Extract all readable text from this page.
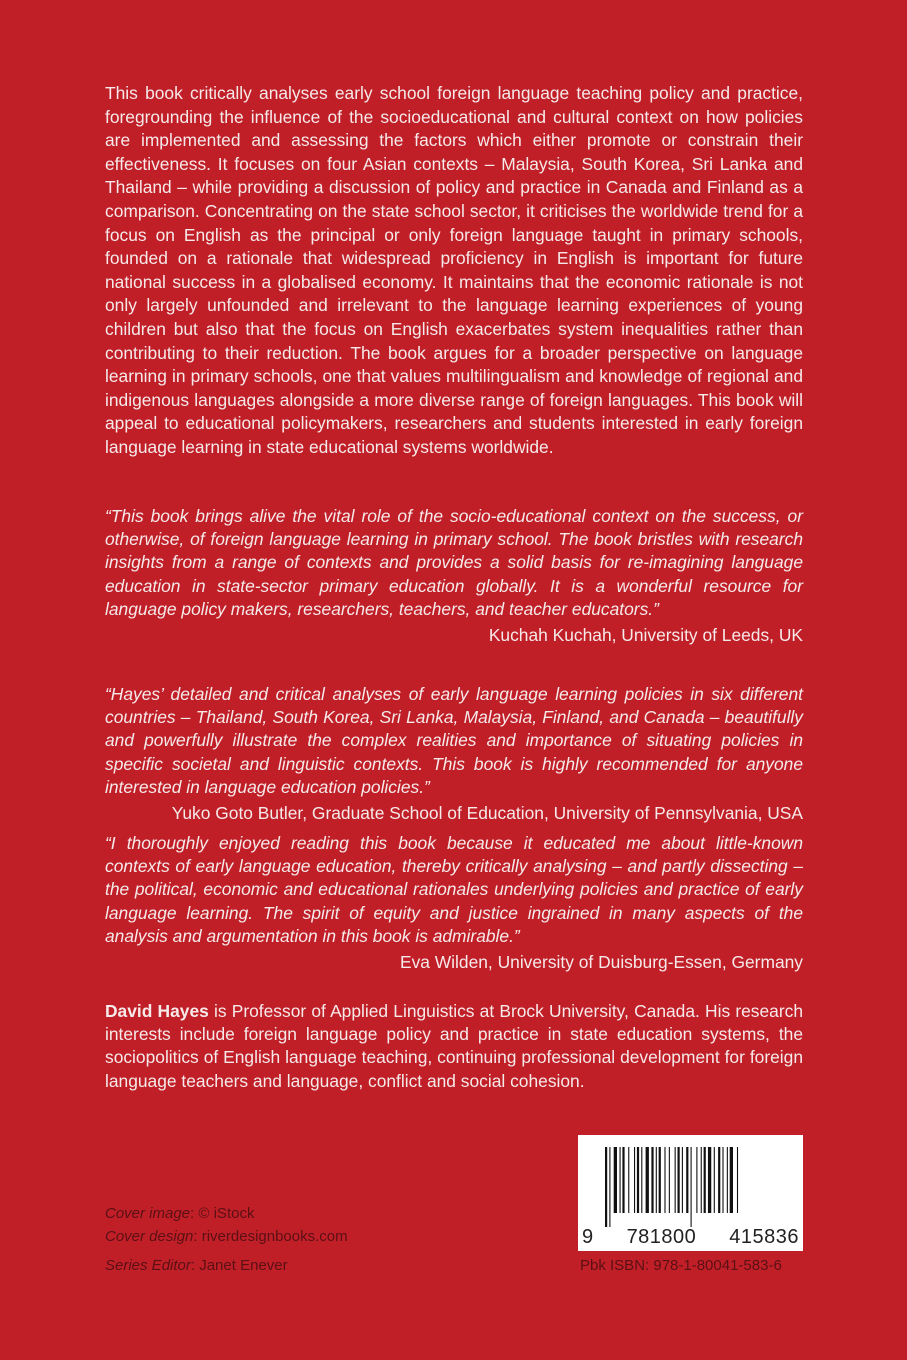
This book critically analyses early school foreign language teaching policy and practice, foregrounding the influence of the socioeducational and cultural context on how policies are implemented and assessing the factors which either promote or constrain their effectiveness. It focuses on four Asian contexts – Malaysia, South Korea, Sri Lanka and Thailand – while providing a discussion of policy and practice in Canada and Finland as a comparison. Concentrating on the state school sector, it criticises the worldwide trend for a focus on English as the principal or only foreign language taught in primary schools, founded on a rationale that widespread proficiency in English is important for future national success in a globalised economy. It maintains that the economic rationale is not only largely unfounded and irrelevant to the language learning experiences of young children but also that the focus on English exacerbates system inequalities rather than contributing to their reduction. The book argues for a broader perspective on language learning in primary schools, one that values multilingualism and knowledge of regional and indigenous languages alongside a more diverse range of foreign languages. This book will appeal to educational policymakers, researchers and students interested in early foreign language learning in state educational systems worldwide.

“This book brings alive the vital role of the socio-educational context on the success, or otherwise, of foreign language learning in primary school. The book bristles with research insights from a range of contexts and provides a solid basis for re-imagining language education in state-sector primary education globally. It is a wonderful resource for language policy makers, researchers, teachers, and teacher educators.”

Kuchah Kuchah, University of Leeds, UK

“Hayes’ detailed and critical analyses of early language learning policies in six different countries – Thailand, South Korea, Sri Lanka, Malaysia, Finland, and Canada – beautifully and powerfully illustrate the complex realities and importance of situating policies in specific societal and linguistic contexts. This book is highly recommended for anyone interested in language education policies.”

Yuko Goto Butler, Graduate School of Education, University of Pennsylvania, USA

“I thoroughly enjoyed reading this book because it educated me about little-known contexts of early language education, thereby critically analysing – and partly dissecting – the political, economic and educational rationales underlying policies and practice of early language learning. The spirit of equity and justice ingrained in many aspects of the analysis and argumentation in this book is admirable.”

Eva Wilden, University of Duisburg-Essen, Germany

David Hayes is Professor of Applied Linguistics at Brock University, Canada. His research interests include foreign language policy and practice in state education systems, the sociopolitics of English language teaching, continuing professional development for foreign language teachers and language, conflict and social cohesion.

Cover image: © iStock
Cover design: riverdesignbooks.com
Series Editor: Janet Enever
9 781800 415836
Pbk ISBN: 978-1-80041-583-6
